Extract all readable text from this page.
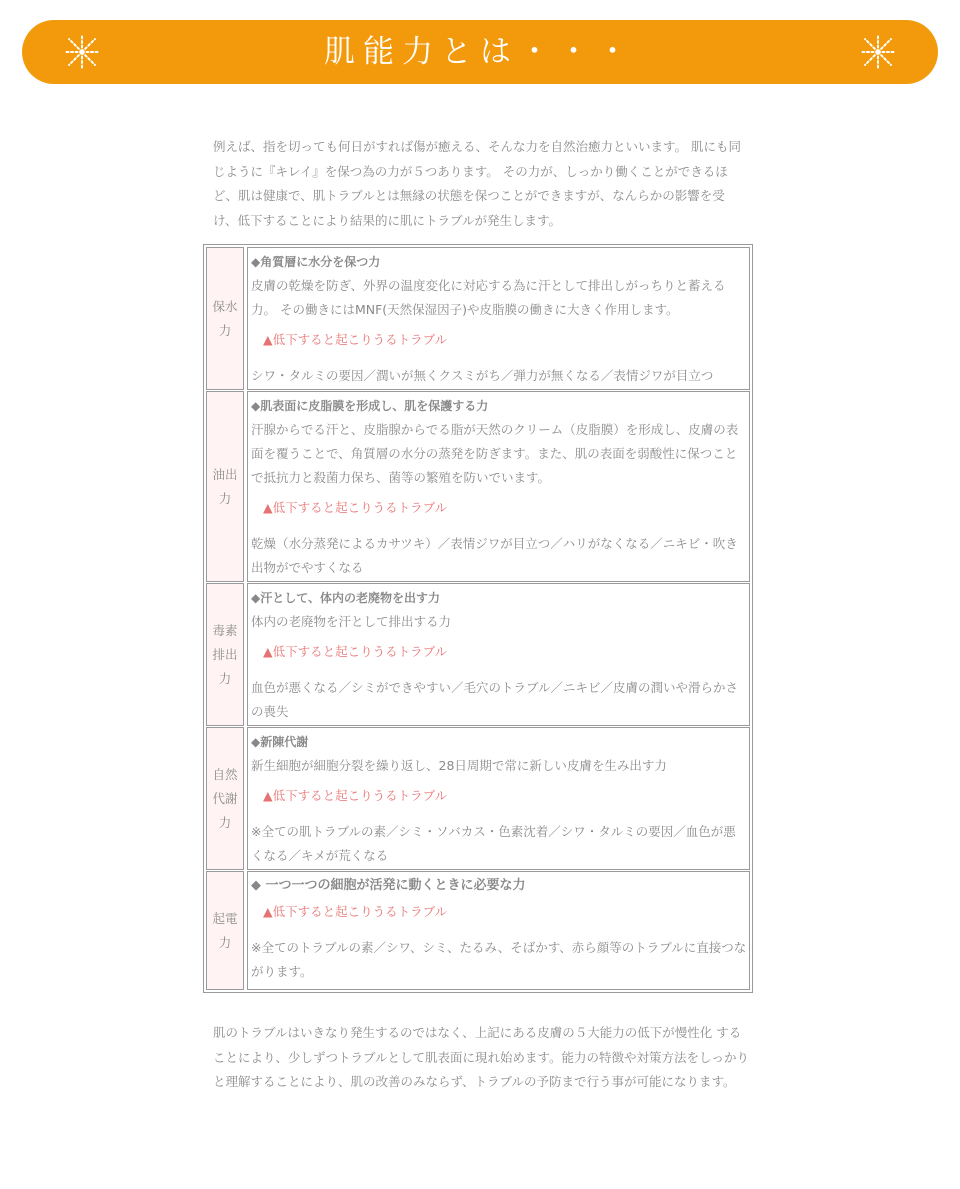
肌能力とは・・・

例えば、指を切っても何日がすれば傷が癒える、そんな力を自然治癒力といいます。 肌にも同じように『キレイ』を保つ為の力が５つあります。 その力が、しっかり働くことができるほど、肌は健康で、肌トラブルとは無縁の状態を保つことができますが、なんらかの影響を受け、低下することにより結果的に肌にトラブルが発生します。

保水力
◆角質層に水分を保つ力
皮膚の乾燥を防ぎ、外界の温度変化に対応する為に汗として排出しがっちりと蓄える力。 その働きにはMNF(天然保湿因子)や皮脂膜の働きに大きく作用します。
▲低下すると起こりうるトラブル
シワ・タルミの要因／潤いが無くクスミがち／弾力が無くなる／表情ジワが目立つ
油出力
◆肌表面に皮脂膜を形成し、肌を保護する力
汗腺からでる汗と、皮脂腺からでる脂が天然のクリーム（皮脂膜）を形成し、皮膚の表面を覆うことで、角質層の水分の蒸発を防ぎます。また、肌の表面を弱酸性に保つことで抵抗力と殺菌力保ち、菌等の繁殖を防いでいます。
▲低下すると起こりうるトラブル
乾燥（水分蒸発によるカサツキ）／表情ジワが目立つ／ハリがなくなる／ニキビ・吹き出物がでやすくなる
毒素排出力
◆汗として、体内の老廃物を出す力
体内の老廃物を汗として排出する力
▲低下すると起こりうるトラブル
血色が悪くなる／シミができやすい／毛穴のトラブル／ニキビ／皮膚の潤いや滑らかさの喪失
自然代謝力
◆新陳代謝
新生細胞が細胞分裂を繰り返し、28日周期で常に新しい皮膚を生み出す力
▲低下すると起こりうるトラブル
※全ての肌トラブルの素／シミ・ソバカス・色素沈着／シワ・タルミの要因／血色が悪くなる／キメが荒くなる
起電力
◆ 一つ一つの細胞が活発に動くときに必要な力
▲低下すると起こりうるトラブル
※全てのトラブルの素／シワ、シミ、たるみ、そばかす、赤ら顔等のトラブルに直接つながります。

肌のトラブルはいきなり発生するのではなく、上記にある皮膚の５大能力の低下が慢性化 することにより、少しずつトラブルとして肌表面に現れ始めます。能力の特徴や対策方法をしっかりと理解することにより、肌の改善のみならず、トラブルの予防まで行う事が可能になります。
